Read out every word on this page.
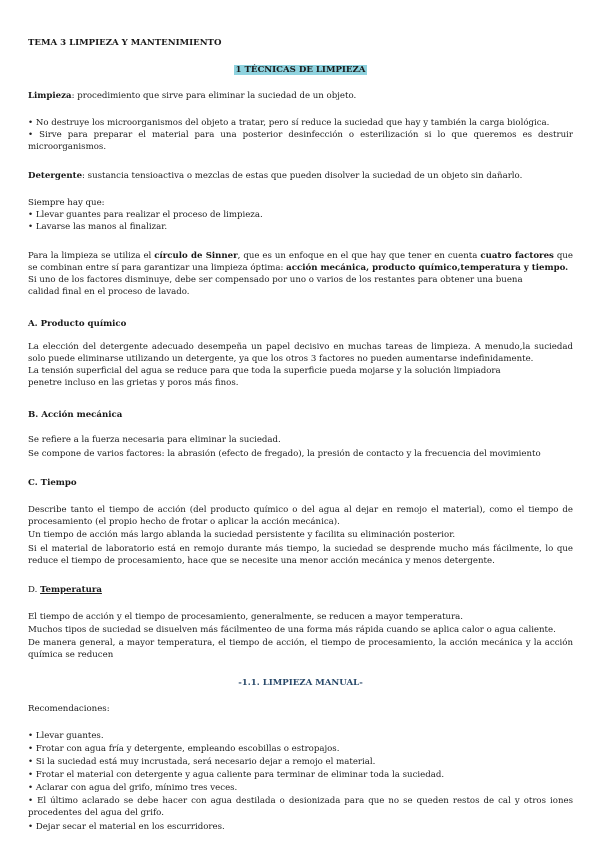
TEMA 3 LIMPIEZA Y MANTENIMIENTO

1 TÉCNICAS DE LIMPIEZA

Limpieza: procedimiento que sirve para eliminar la suciedad de un objeto.

• No destruye los microorganismos del objeto a tratar, pero sí reduce la suciedad que hay y también la carga biológica.

• Sirve para preparar el material para una posterior desinfección o esterilización si lo que queremos es destruir microorganismos.

Detergente: sustancia tensioactiva o mezclas de estas que pueden disolver la suciedad de un objeto sin dañarlo.

Siempre hay que:

• Llevar guantes para realizar el proceso de limpieza.

• Lavarse las manos al finalizar.

Para la limpieza se utiliza el círculo de Sinner, que es un enfoque en el que hay que tener en cuenta cuatro factores que se combinan entre sí para garantizar una limpieza óptima: acción mecánica, producto químico,temperatura y tiempo.

Si uno de los factores disminuye, debe ser compensado por uno o varios de los restantes para obtener una buena

calidad final en el proceso de lavado.

A. Producto químico

La elección del detergente adecuado desempeña un papel decisivo en muchas tareas de limpieza. A menudo,la suciedad solo puede eliminarse utilizando un detergente, ya que los otros 3 factores no pueden aumentarse indefinidamente.

La tensión superficial del agua se reduce para que toda la superficie pueda mojarse y la solución limpiadora

penetre incluso en las grietas y poros más finos.

B. Acción mecánica

Se refiere a la fuerza necesaria para eliminar la suciedad.

Se compone de varios factores: la abrasión (efecto de fregado), la presión de contacto y la frecuencia del movimiento

C. Tiempo

Describe tanto el tiempo de acción (del producto químico o del agua al dejar en remojo el material), como el tiempo de procesamiento (el propio hecho de frotar o aplicar la acción mecánica).

Un tiempo de acción más largo ablanda la suciedad persistente y facilita su eliminación posterior.

Si el material de laboratorio está en remojo durante más tiempo, la suciedad se desprende mucho más fácilmente, lo que reduce el tiempo de procesamiento, hace que se necesite una menor acción mecánica y menos detergente.

D. Temperatura

El tiempo de acción y el tiempo de procesamiento, generalmente, se reducen a mayor temperatura.

Muchos tipos de suciedad se disuelven más fácilmenteo de una forma más rápida cuando se aplica calor o agua caliente.

De manera general, a mayor temperatura, el tiempo de acción, el tiempo de procesamiento, la acción mecánica y la acción química se reducen

-1.1. LIMPIEZA MANUAL-

Recomendaciones:

• Llevar guantes.

• Frotar con agua fría y detergente, empleando escobillas o estropajos.

• Si la suciedad está muy incrustada, será necesario dejar a remojo el material.

• Frotar el material con detergente y agua caliente para terminar de eliminar toda la suciedad.

• Aclarar con agua del grifo, mínimo tres veces.

• El último aclarado se debe hacer con agua destilada o desionizada para que no se queden restos de cal y otros iones procedentes del agua del grifo.

• Dejar secar el material en los escurridores.
